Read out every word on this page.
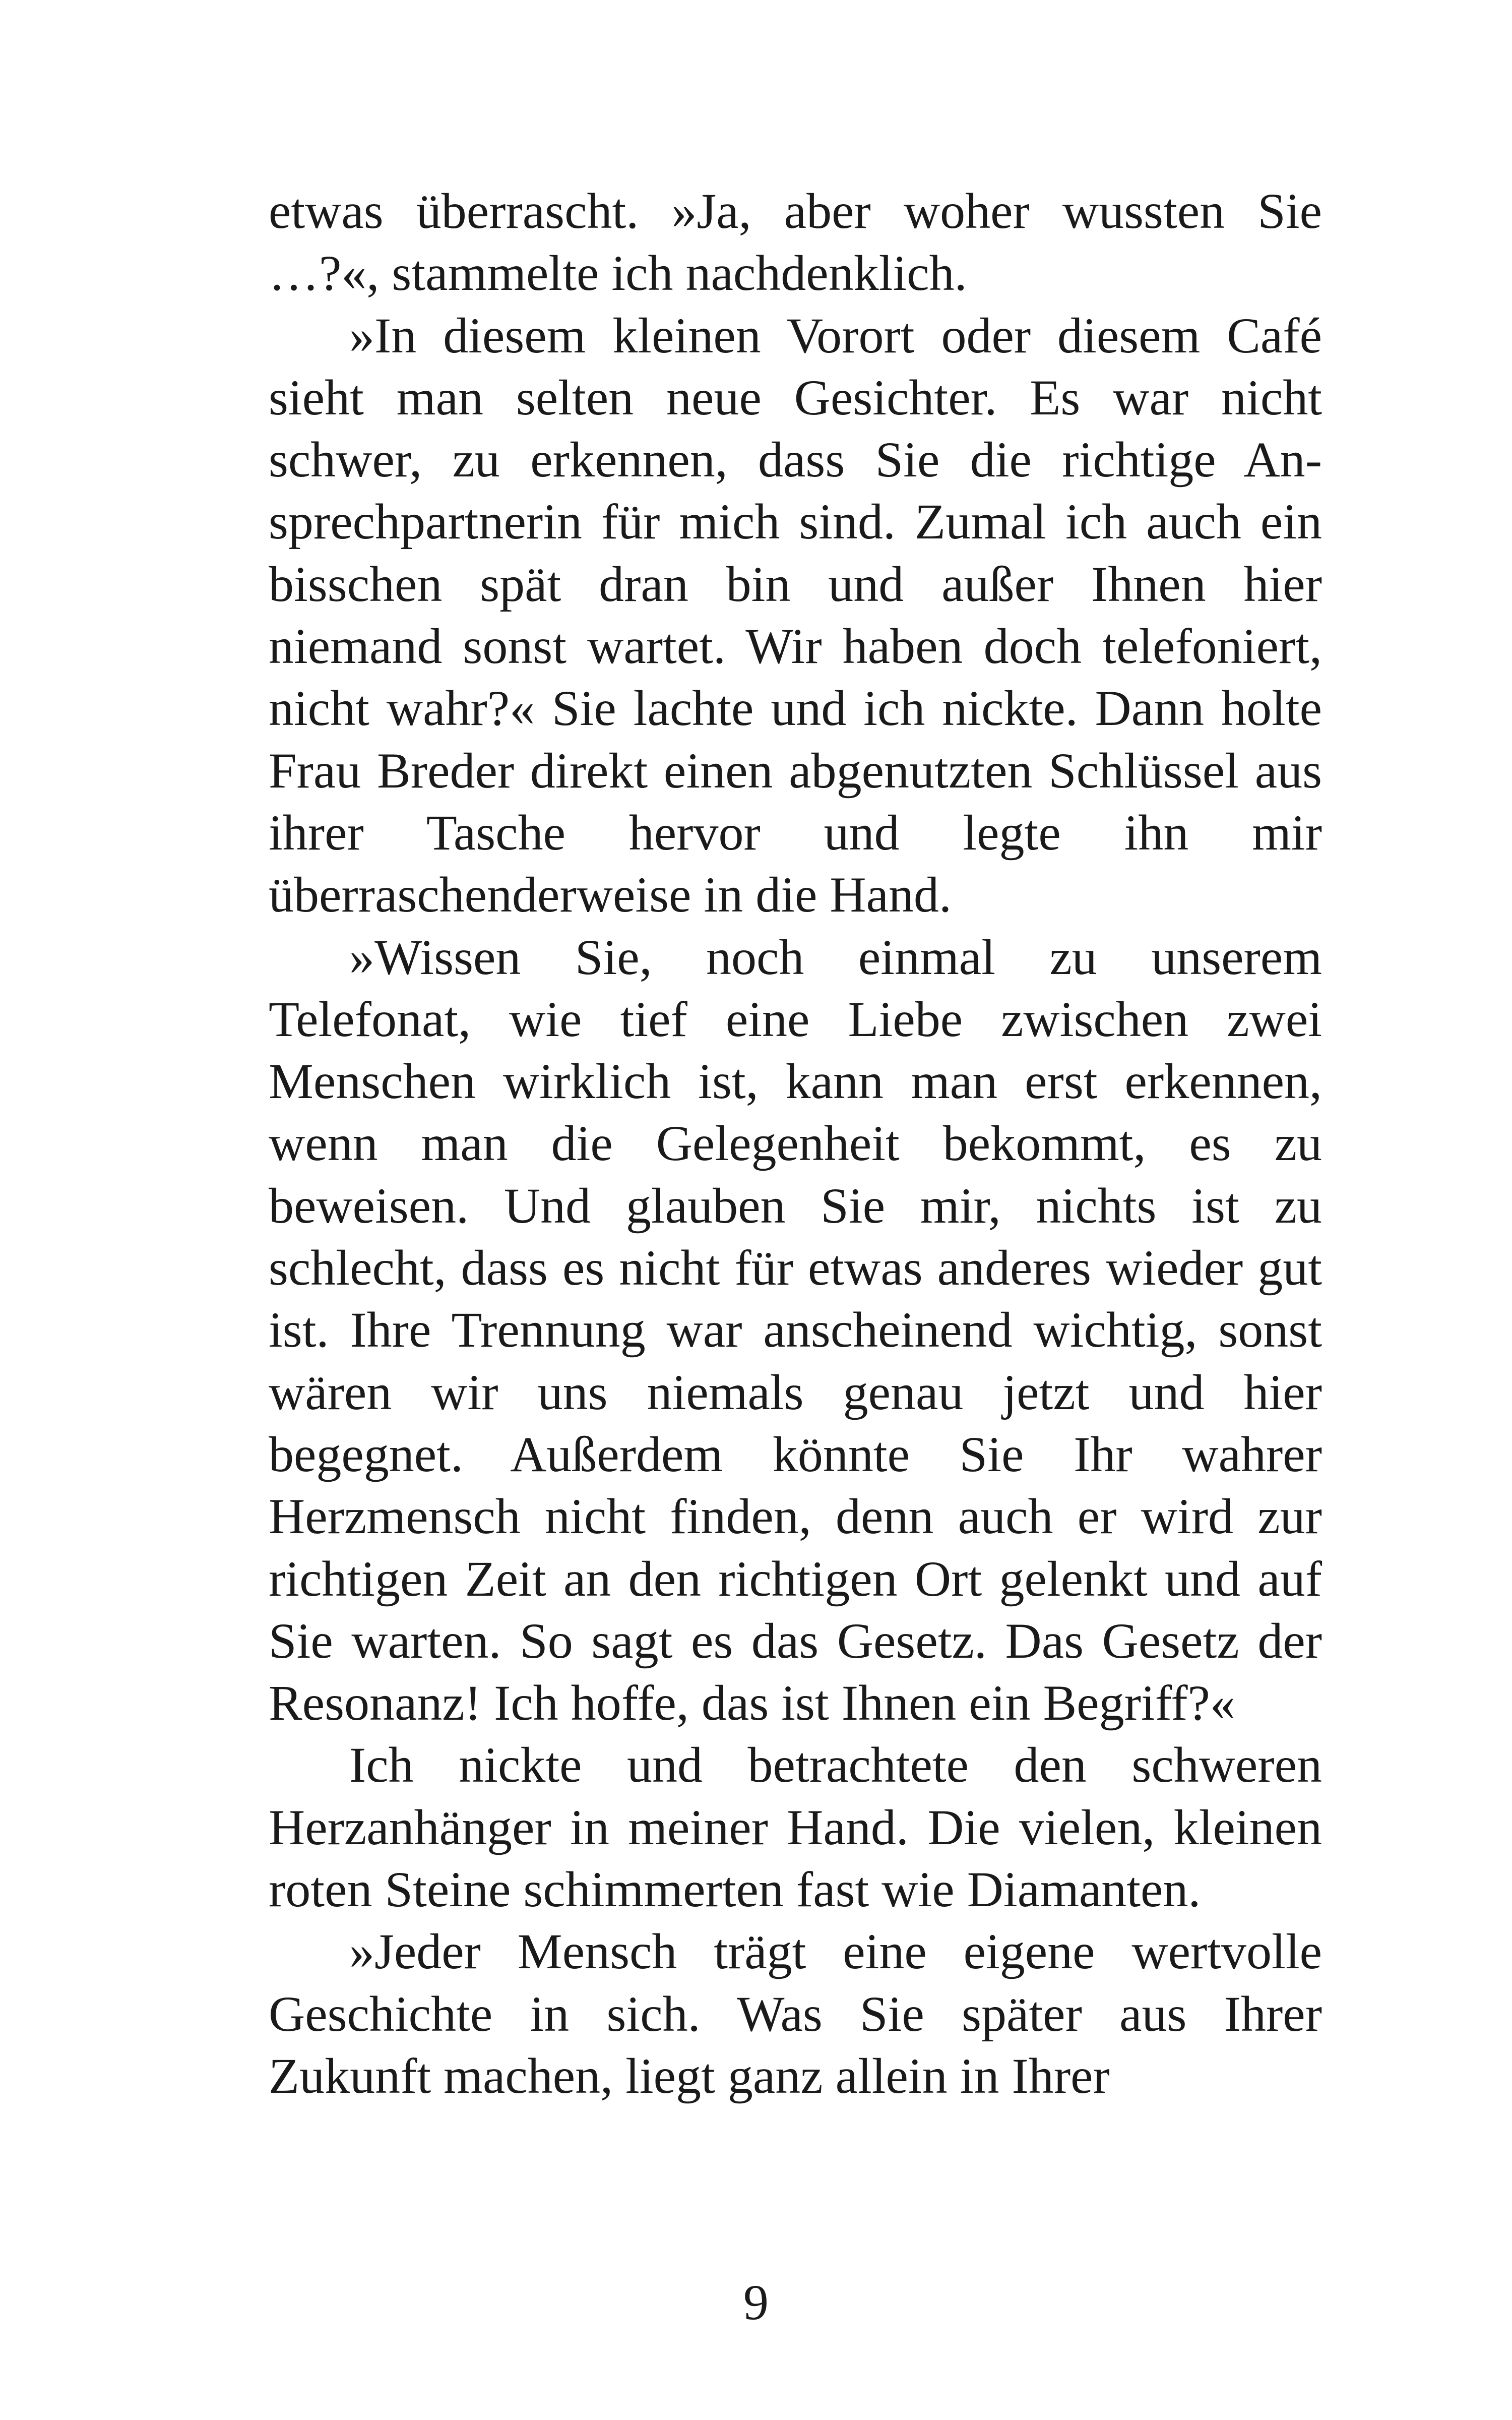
etwas überrascht. »Ja, aber woher wussten Sie …?«, stammelte ich nachdenklich.

»In diesem kleinen Vorort oder diesem Café sieht man selten neue Gesichter. Es war nicht schwer, zu erkennen, dass Sie die richtige Ansprechpartnerin für mich sind. Zumal ich auch ein bisschen spät dran bin und außer Ihnen hier niemand sonst wartet. Wir haben doch telefoniert, nicht wahr?« Sie lachte und ich nickte. Dann holte Frau Breder direkt einen abgenutzten Schlüssel aus ihrer Tasche hervor und legte ihn mir überraschenderweise in die Hand.

»Wissen Sie, noch einmal zu unserem Telefonat, wie tief eine Liebe zwischen zwei Menschen wirklich ist, kann man erst erkennen, wenn man die Gelegenheit bekommt, es zu beweisen. Und glauben Sie mir, nichts ist zu schlecht, dass es nicht für etwas anderes wieder gut ist. Ihre Trennung war anscheinend wichtig, sonst wären wir uns niemals genau jetzt und hier begegnet. Außerdem könnte Sie Ihr wahrer Herzmensch nicht finden, denn auch er wird zur richtigen Zeit an den richtigen Ort gelenkt und auf Sie warten. So sagt es das Gesetz. Das Gesetz der Resonanz! Ich hoffe, das ist Ihnen ein Begriff?«

Ich nickte und betrachtete den schweren Herzanhänger in meiner Hand. Die vielen, kleinen roten Steine schimmerten fast wie Diamanten.

»Jeder Mensch trägt eine eigene wertvolle Geschichte in sich. Was Sie später aus Ihrer Zukunft machen, liegt ganz allein in Ihrer

9
